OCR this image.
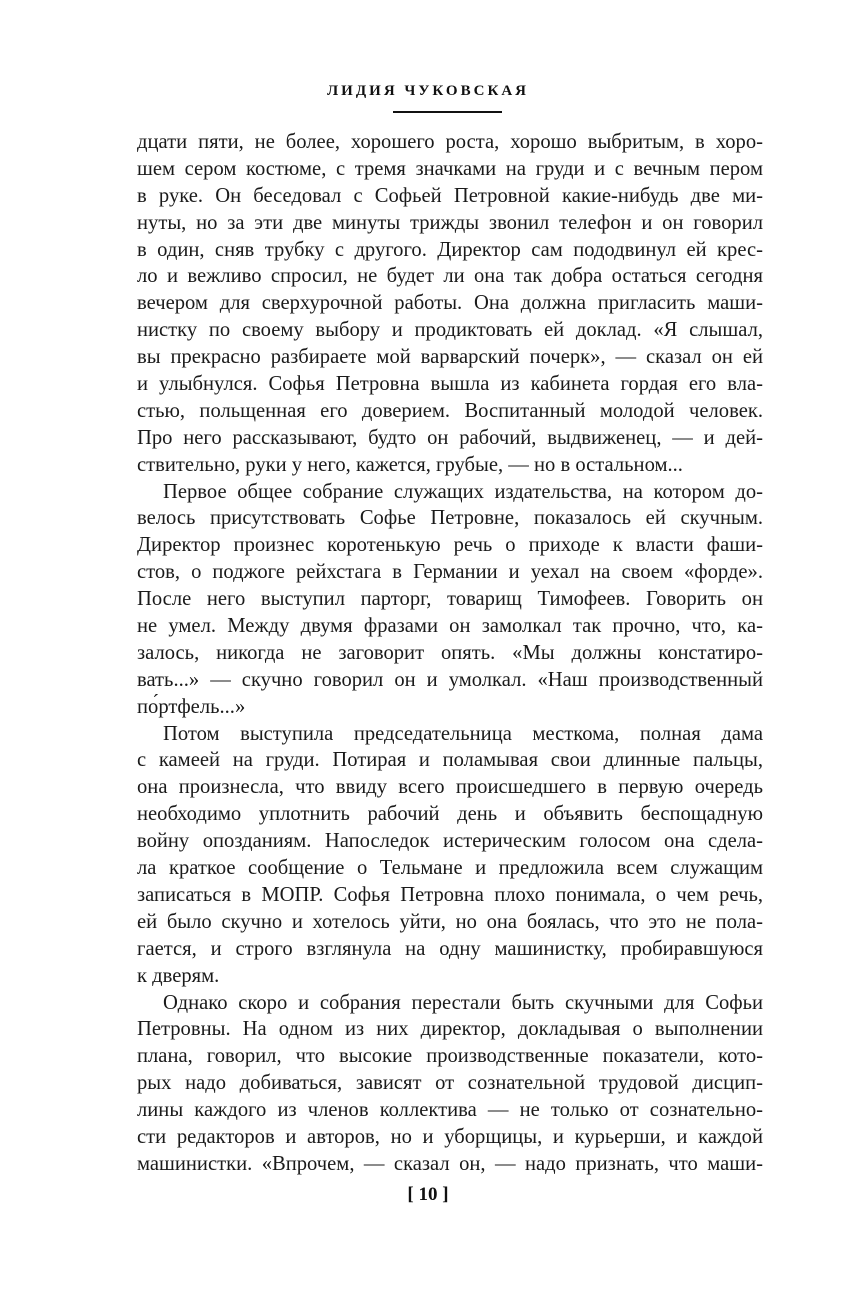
ЛИДИЯ ЧУКОВСКАЯ
дцати пяти, не более, хорошего роста, хорошо выбритым, в хоро-
шем сером костюме, с тремя значками на груди и с вечным пером
в руке. Он беседовал с Софьей Петровной какие-нибудь две ми-
нуты, но за эти две минуты трижды звонил телефон и он говорил
в один, сняв трубку с другого. Директор сам пододвинул ей крес-
ло и вежливо спросил, не будет ли она так добра остаться сегодня
вечером для сверхурочной работы. Она должна пригласить маши-
нистку по своему выбору и продиктовать ей доклад. «Я слышал,
вы прекрасно разбираете мой варварский почерк», — сказал он ей
и улыбнулся. Софья Петровна вышла из кабинета гордая его вла-
стью, польщенная его доверием. Воспитанный молодой человек.
Про него рассказывают, будто он рабочий, выдвиженец, — и дей-
ствительно, руки у него, кажется, грубые, — но в остальном...
Первое общее собрание служащих издательства, на котором до-
велось присутствовать Софье Петровне, показалось ей скучным.
Директор произнес коротенькую речь о приходе к власти фаши-
стов, о поджоге рейхстага в Германии и уехал на своем «форде».
После него выступил парторг, товарищ Тимофеев. Говорить он
не умел. Между двумя фразами он замолкал так прочно, что, ка-
залось, никогда не заговорит опять. «Мы должны констатиро-
вать...» — скучно говорил он и умолкал. «Наш производственный
по́ртфель...»
Потом выступила председательница месткома, полная дама
с камеей на груди. Потирая и поламывая свои длинные пальцы,
она произнесла, что ввиду всего происшедшего в первую очередь
необходимо уплотнить рабочий день и объявить беспощадную
войну опозданиям. Напоследок истерическим голосом она сдела-
ла краткое сообщение о Тельмане и предложила всем служащим
записаться в МОПР. Софья Петровна плохо понимала, о чем речь,
ей было скучно и хотелось уйти, но она боялась, что это не пола-
гается, и строго взглянула на одну машинистку, пробиравшуюся
к дверям.
Однако скоро и собрания перестали быть скучными для Софьи
Петровны. На одном из них директор, докладывая о выполнении
плана, говорил, что высокие производственные показатели, кото-
рых надо добиваться, зависят от сознательной трудовой дисцип-
лины каждого из членов коллектива — не только от сознательно-
сти редакторов и авторов, но и уборщицы, и курьерши, и каждой
машинистки. «Впрочем, — сказал он, — надо признать, что маши-
[ 10 ]
